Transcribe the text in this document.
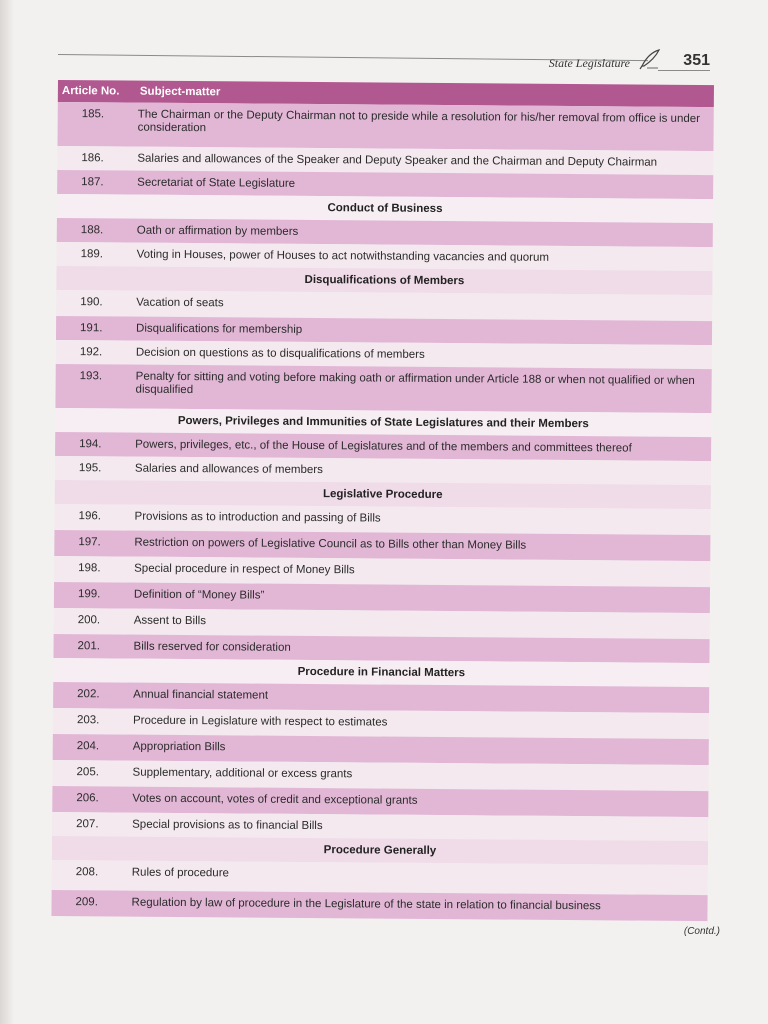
State Legislature	351
Article No.	Subject-matter
185.	The Chairman or the Deputy Chairman not to preside while a resolution for his/her removal from office is under consideration
186.	Salaries and allowances of the Speaker and Deputy Speaker and the Chairman and Deputy Chairman
187.	Secretariat of State Legislature
Conduct of Business
188.	Oath or affirmation by members
189.	Voting in Houses, power of Houses to act notwithstanding vacancies and quorum
Disqualifications of Members
190.	Vacation of seats
191.	Disqualifications for membership
192.	Decision on questions as to disqualifications of members
193.	Penalty for sitting and voting before making oath or affirmation under Article 188 or when not qualified or when disqualified
Powers, Privileges and Immunities of State Legislatures and their Members
194.	Powers, privileges, etc., of the House of Legislatures and of the members and committees thereof
195.	Salaries and allowances of members
Legislative Procedure
196.	Provisions as to introduction and passing of Bills
197.	Restriction on powers of Legislative Council as to Bills other than Money Bills
198.	Special procedure in respect of Money Bills
199.	Definition of “Money Bills”
200.	Assent to Bills
201.	Bills reserved for consideration
Procedure in Financial Matters
202.	Annual financial statement
203.	Procedure in Legislature with respect to estimates
204.	Appropriation Bills
205.	Supplementary, additional or excess grants
206.	Votes on account, votes of credit and exceptional grants
207.	Special provisions as to financial Bills
Procedure Generally
208.	Rules of procedure
209.	Regulation by law of procedure in the Legislature of the state in relation to financial business
(Contd.)
